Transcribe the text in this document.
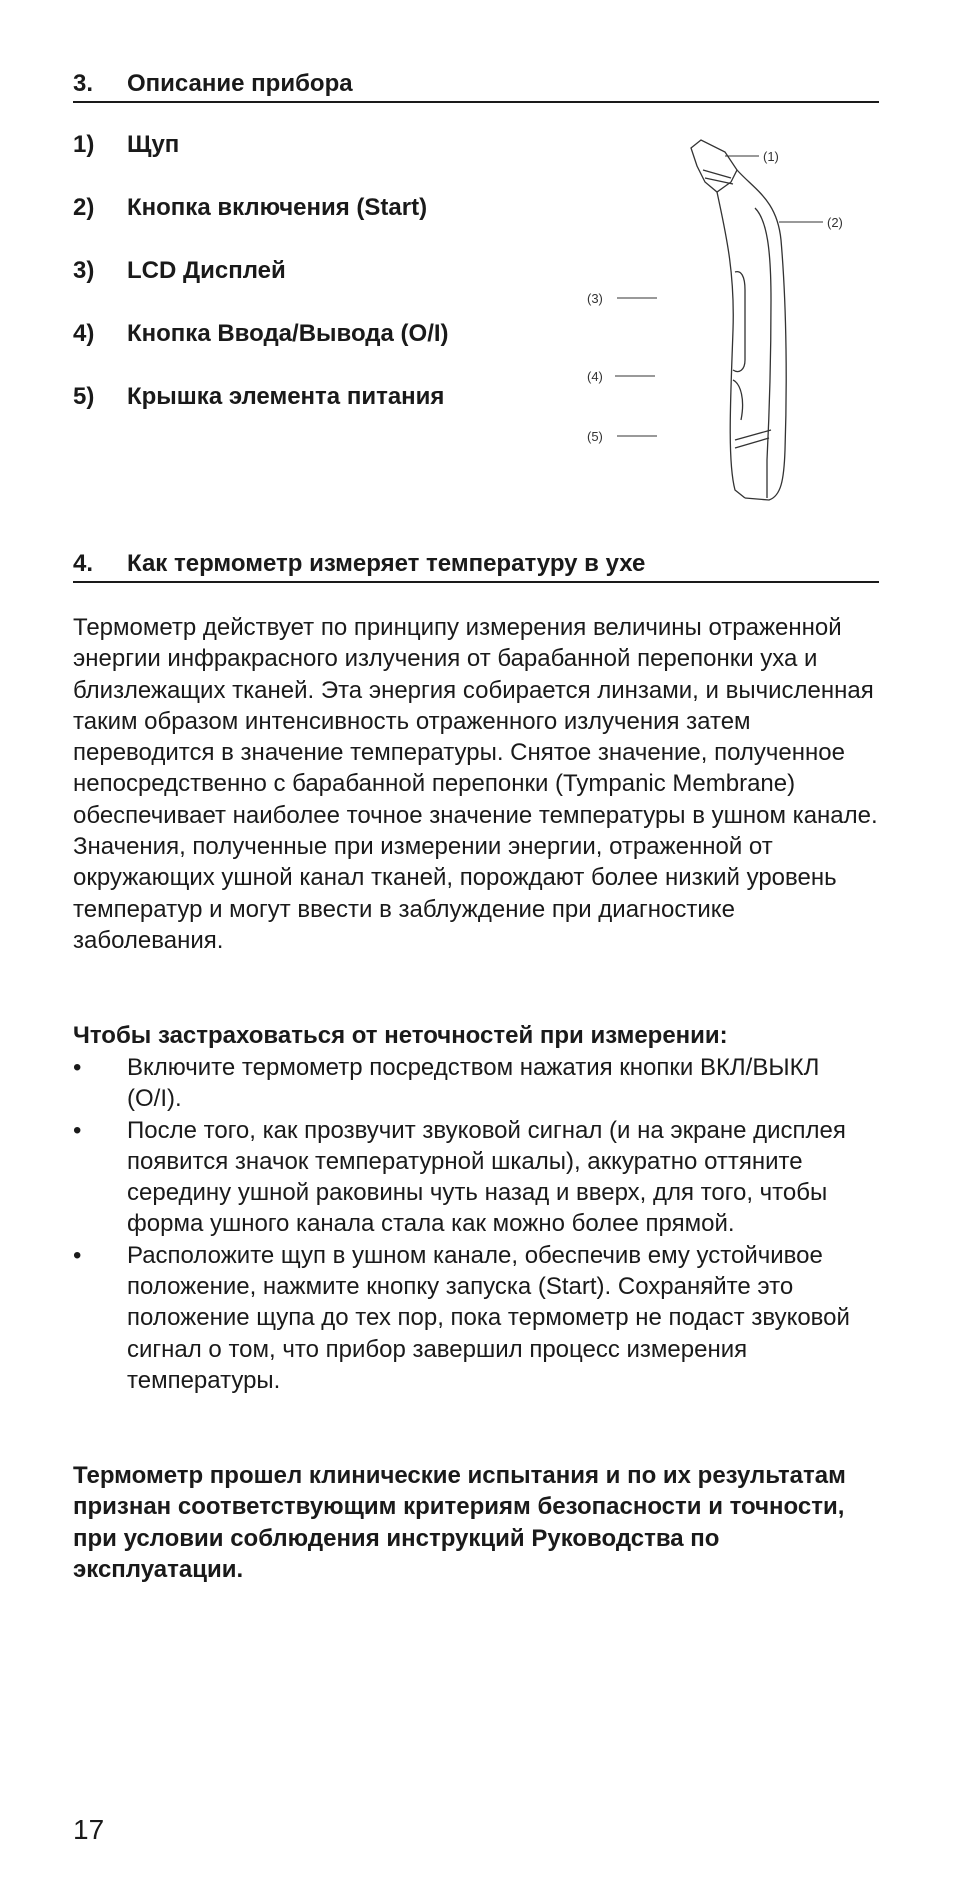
3. Описание прибора
1) Щуп
2) Кнопка включения (Start)
3) LCD Дисплей
4) Кнопка Ввода/Вывода (O/I)
5) Крышка элемента питания
(1)
(2)
(3)
(4)
(5)
4. Как термометр измеряет температуру в ухе

Термометр действует по принципу измерения величины отраженной энергии инфракрасного излучения от барабанной перепонки уха и близлежащих тканей. Эта энергия собирается линзами, и вычисленная таким образом интенсивность отраженного излучения затем переводится в значение температуры. Снятое значение, полученное непосредственно с барабанной перепонки (Tympanic Membrane) обеспечивает наиболее точное значение температуры в ушном канале. Значения, полученные при измерении энергии, отраженной от окружающих ушной канал тканей, порождают более низкий уровень температур и могут ввести в заблуждение при диагностике заболевания.

Чтобы застраховаться от неточностей при измерении:

• Включите термометр посредством нажатия кнопки ВКЛ/ВЫКЛ (O/I).
• После того, как прозвучит звуковой сигнал (и на экране дисплея появится значок температурной шкалы), аккуратно оттяните середину ушной раковины чуть назад и вверх, для того, чтобы форма ушного канала стала как можно более прямой.
• Расположите щуп в ушном канале, обеспечив ему устойчивое положение, нажмите кнопку запуска (Start). Сохраняйте это положение щупа до тех пор, пока термометр не подаст звуковой сигнал о том, что прибор завершил процесс измерения температуры.

Термометр прошел клинические испытания и по их результатам признан соответствующим критериям безопасности и точности, при условии соблюдения инструкций Руководства по эксплуатации.

17
